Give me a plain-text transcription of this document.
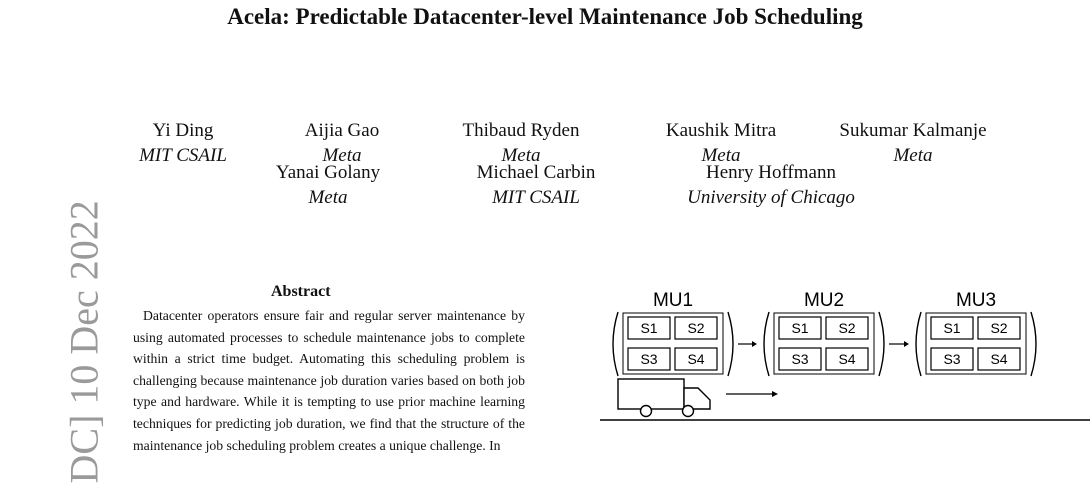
Acela: Predictable Datacenter-level Maintenance Job Scheduling
Yi Ding
MIT CSAIL
Aijia Gao
Meta
Thibaud Ryden
Meta
Kaushik Mitra
Meta
Sukumar Kalmanje
Meta
Yanai Golany
Meta
Michael Carbin
MIT CSAIL
Henry Hoffmann
University of Chicago
DC] 10 Dec 2022	Abstract

Datacenter operators ensure fair and regular server maintenance by using automated processes to schedule maintenance jobs to complete within a strict time budget. Automating this scheduling problem is challenging because maintenance job duration varies based on both job type and hardware. While it is tempting to use prior machine learning techniques for predicting job duration, we find that the structure of the maintenance job scheduling problem creates a unique challenge. In

MU1
S1 S2
S3 S4
MU2
S1 S2
S3 S4
MU3
S1 S2
S3 S4
